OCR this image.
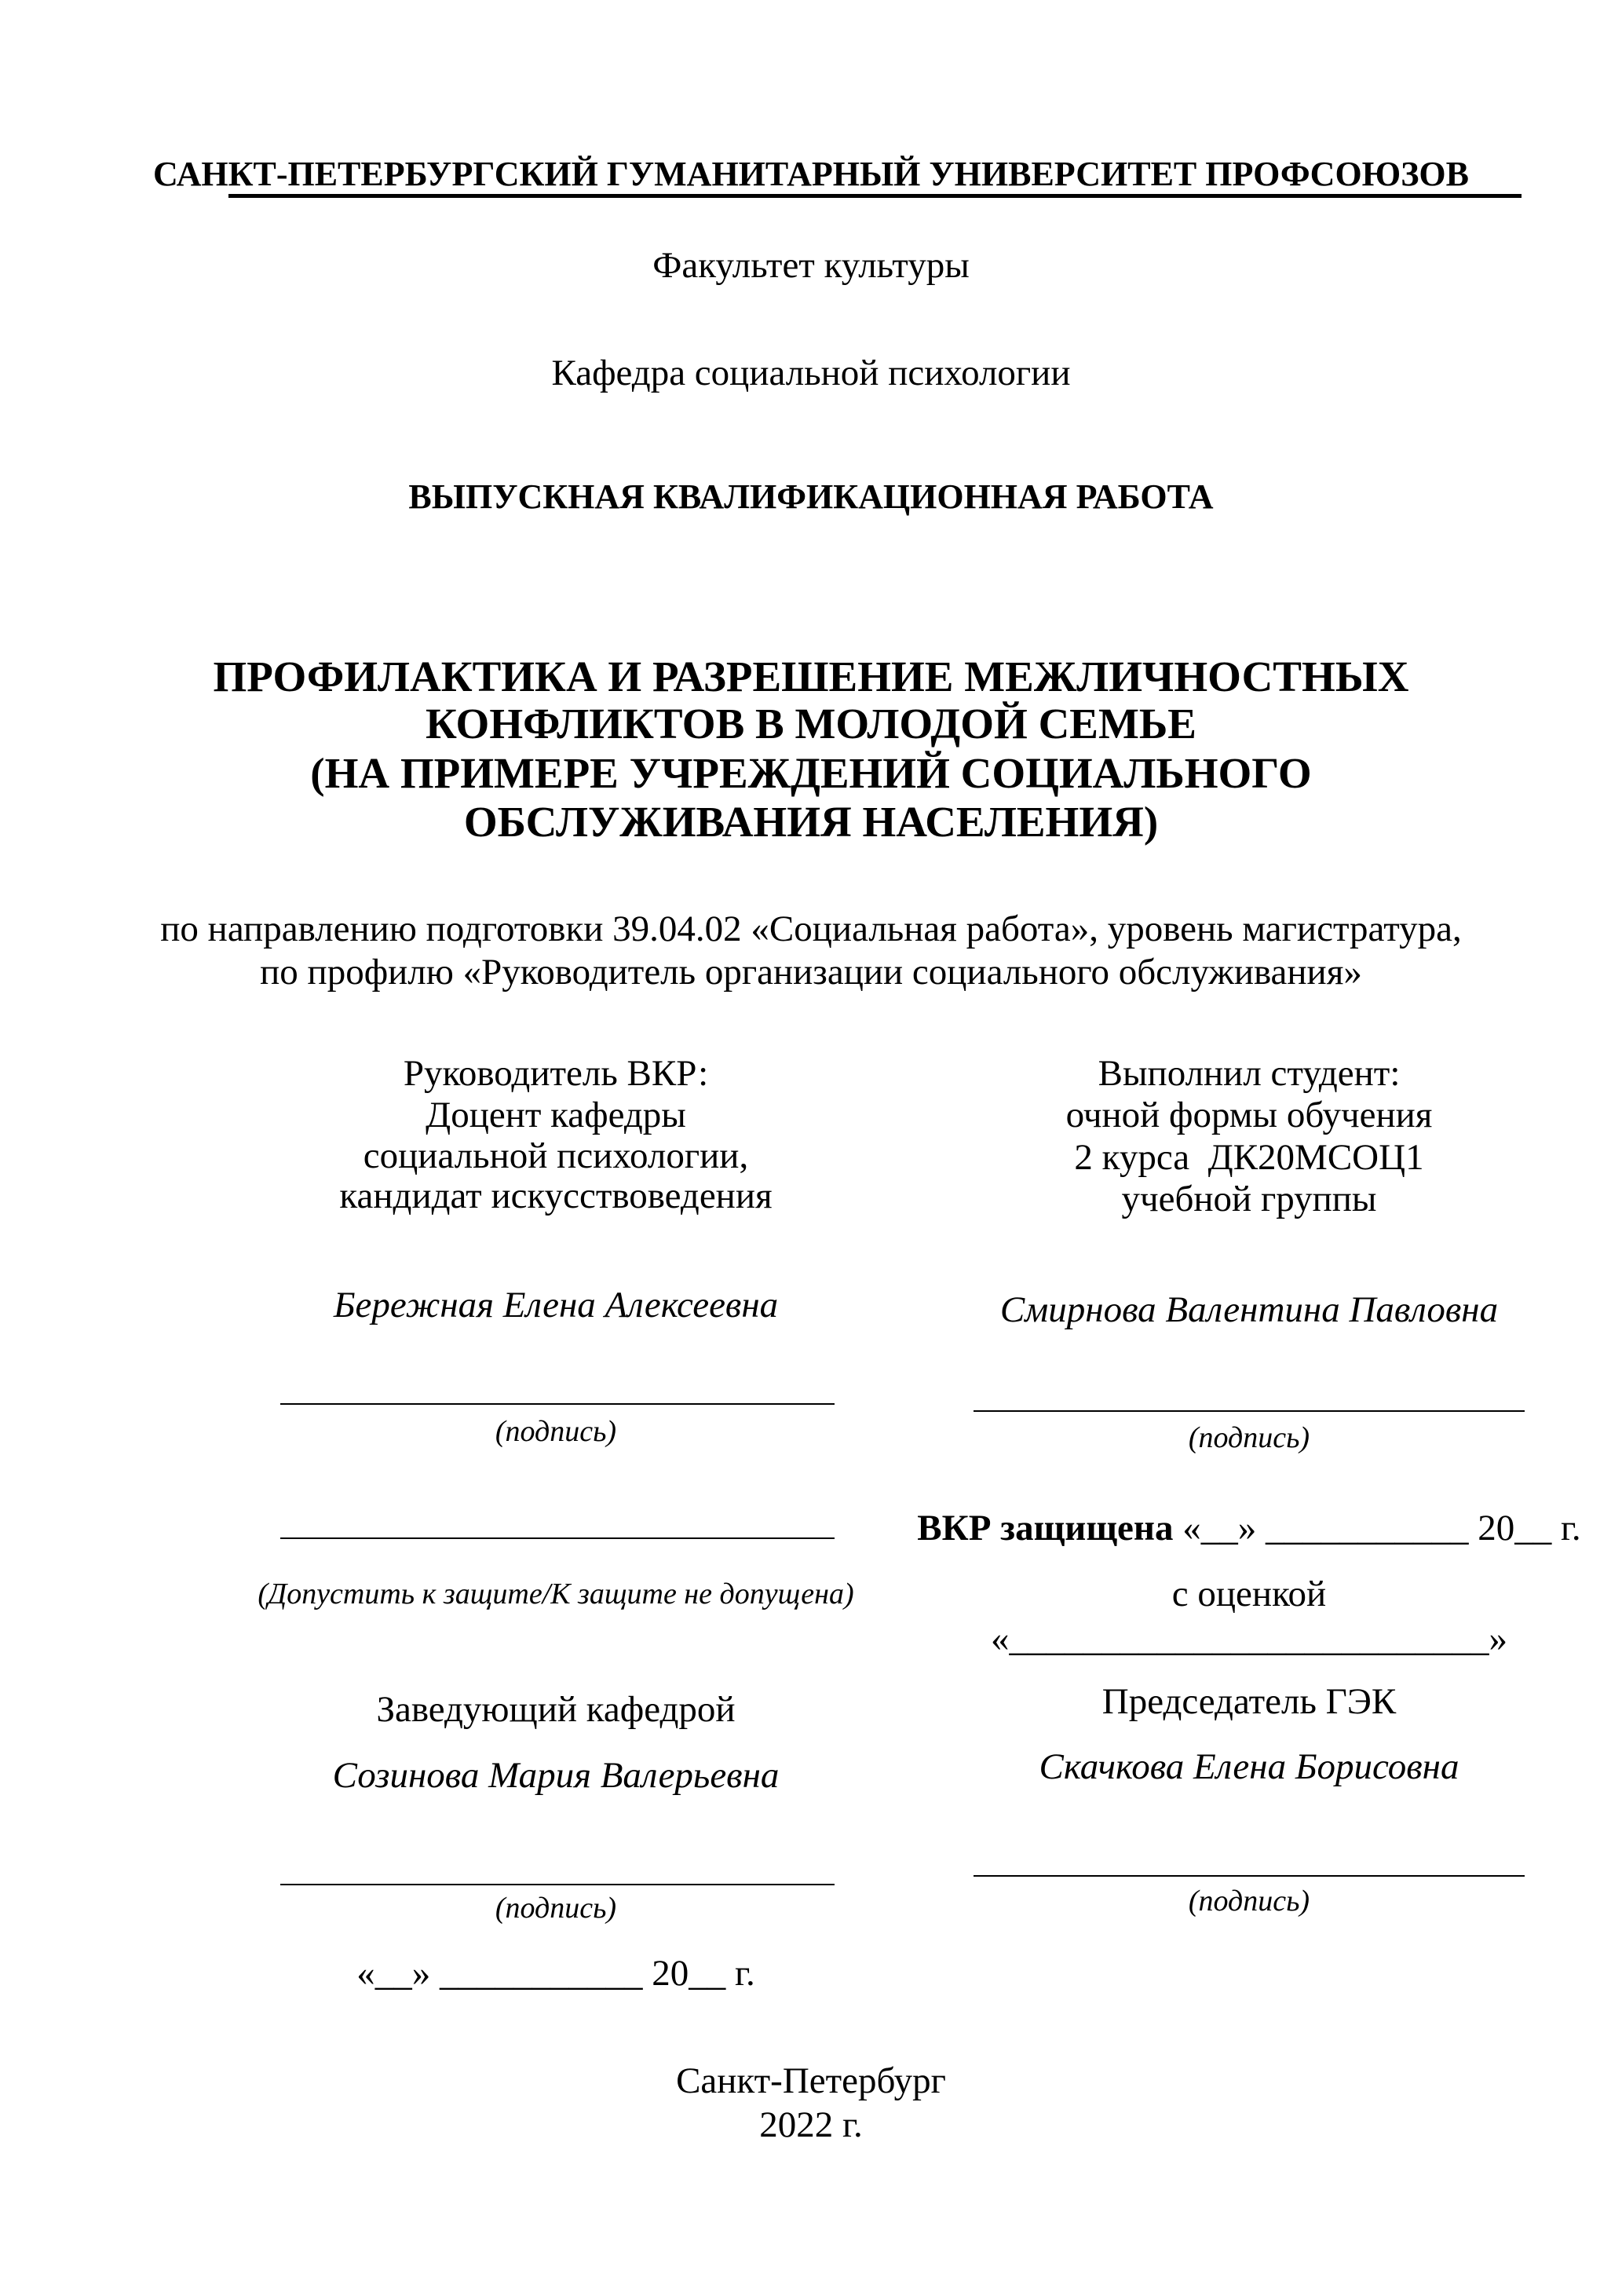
САНКТ-ПЕТЕРБУРГСКИЙ ГУМАНИТАРНЫЙ УНИВЕРСИТЕТ ПРОФСОЮЗОВ
Факультет культуры
Кафедра социальной психологии
ВЫПУСКНАЯ КВАЛИФИКАЦИОННАЯ РАБОТА
ПРОФИЛАКТИКА И РАЗРЕШЕНИЕ МЕЖЛИЧНОСТНЫХ
КОНФЛИКТОВ В МОЛОДОЙ СЕМЬЕ
(НА ПРИМЕРЕ УЧРЕЖДЕНИЙ СОЦИАЛЬНОГО
ОБСЛУЖИВАНИЯ НАСЕЛЕНИЯ)
по направлению подготовки 39.04.02 «Социальная работа», уровень магистратура,
по профилю «Руководитель организации социального обслуживания»
Руководитель ВКР:
Доцент кафедры
социальной психологии,
кандидат искусствоведения
Бережная Елена Алексеевна
(подпись)
Выполнил студент:
очной формы обучения
2 курса  ДК20МСОЦ1
учебной группы
Смирнова Валентина Павловна
(подпись)
(Допустить к защите/К защите не допущена)
ВКР защищена «__» ___________ 20__ г.
с оценкой
«__________________________»
Заведующий кафедрой
Созинова Мария Валерьевна
(подпись)
«__» ___________ 20__ г.
Председатель ГЭК
Скачкова Елена Борисовна
(подпись)
Санкт-Петербург
2022 г.
